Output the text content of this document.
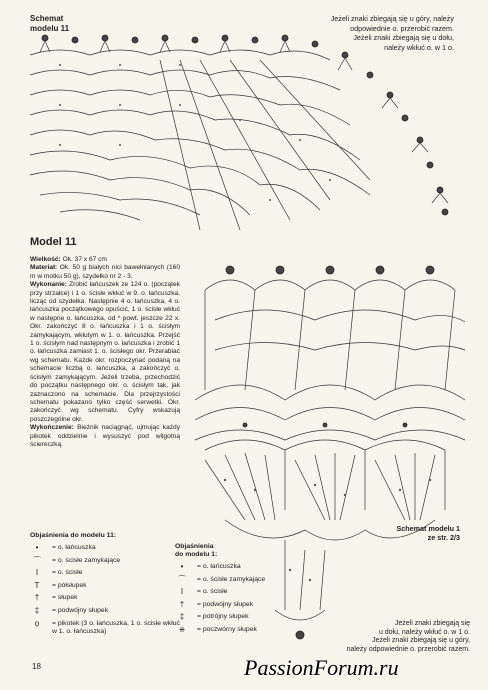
Schemat
modelu 11
Jeżeli znaki zbiegają się u góry, należy
odpowiednie o. przerobić razem.
Jeżeli znaki zbiegają się u dołu,
należy wkłuć o. w 1 o.
Model 11
Wielkość: Ok. 37 x 67 cm
Materiał: Ok. 50 g białych nici bawełnianych (160 m w motku 50 g), szydełko nr 2 - 3.
Wykonanie: Zrobić łańcuszek ze 124 o. (początek przy strzałce) i 1 o. ścisłe wkłuć w 9. o. łańcuszka, licząc od szydełka. Następnie 4 o. łańcuszka, 4 o. łańcuszka początkowego opuścić, 1 o. ścisłe wkłuć w następne o. łańcuszka, od * powt. jeszcze 22 x. Okr. zakończyć 8 o. łańcuszka i 1 o. ścisłym zamykającym, wkłutym w 1. o. łańcuszka. Przejść 1 o. ścisłym nad następnym o. łańcuszka i zrobić 1 o. łańcuszka zamiast 1. o. ścisłego okr. Przerabiać wg schematu. Każde okr. rozpoczynać podaną na schemacie liczbą o. łańcuszka, a zakończyć o. ścisłym zamykającym. Jeżeli trzeba, przechodzić do początku następnego okr. o. ścisłym tak, jak zaznaczono na schemacie. Dla przejrzystości schematu pokazano tylko część serwetki. Okr. zakończyć wg schematu. Cyfry wskazują poszczególne okr.
Wykończenie: Bieżnik naciągnąć, ujmując każdy pikotek oddzielnie i wysuszyć pod wilgotną ściereczką.
Schemat modelu 1
ze str. 2/3
Objaśnienia do modelu 11:
•	= o. łańcuszka
⌒	= o. ścisłe zamykające
I	= o. ścisłe
T	= półsłupek
†	= słupek
‡	= podwójny słupek
ọ	= pikotek (3 o. łańcuszka, 1 o. ścisłe wkłuć w 1. o. łańcuszka)
Objaśnienia
do modelu 1:
•	= o. łańcuszka
⌒	= o. ścisłe zamykające
I	= o. ścisłe
†	= podwójny słupek
‡	= potrójny słupek
⧺	= poczwórny słupek
Jeżeli znaki zbiegają się
u dołu, należy wkłuć o. w 1 o.
Jeżeli znaki zbiegają się u góry,
należy odpowiednie o. przerobić razem.
18	PassionForum.ru
